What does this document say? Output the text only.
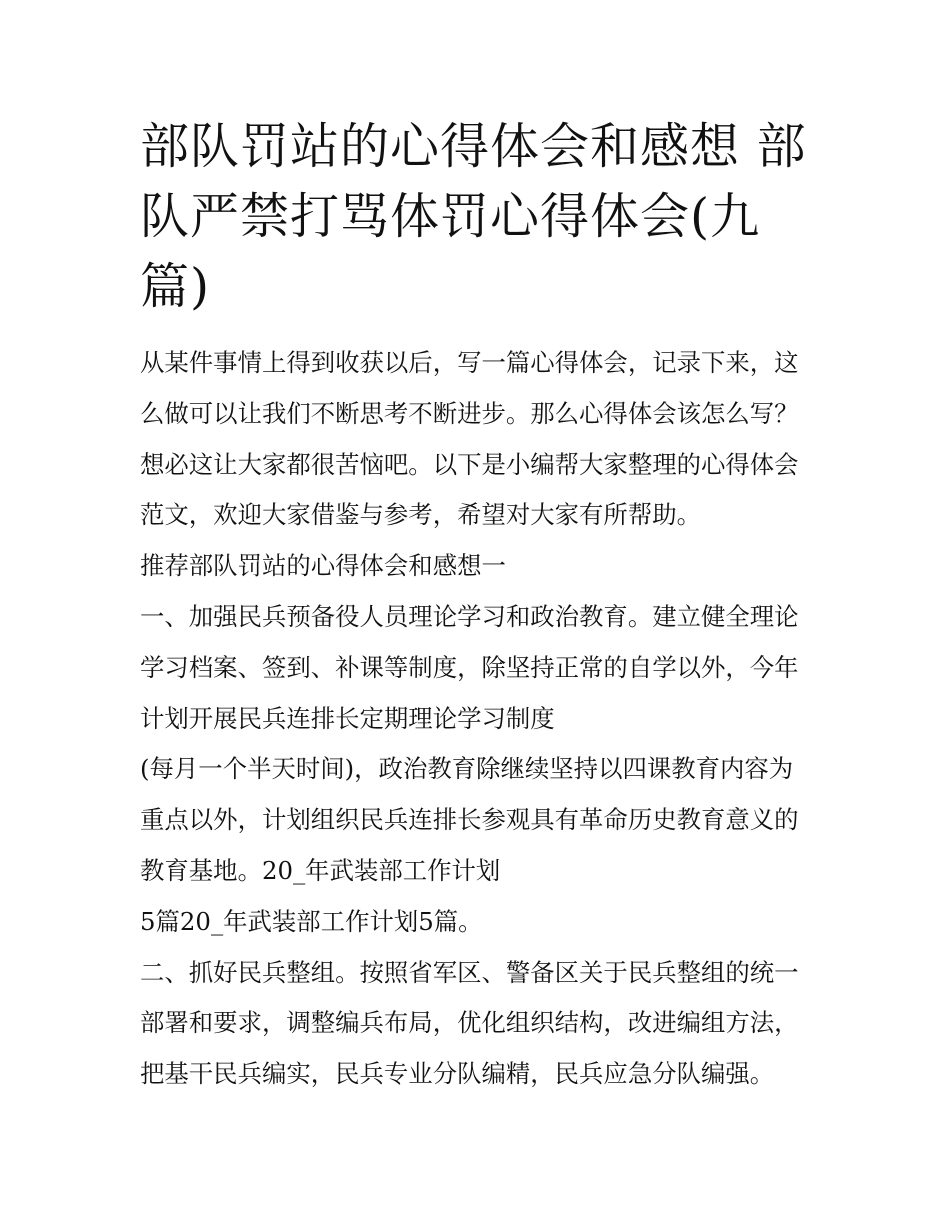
部队罚站的心得体会和感想 部
队严禁打骂体罚心得体会(九
篇)
从某件事情上得到收获以后，写一篇心得体会，记录下来，这
么做可以让我们不断思考不断进步。那么心得体会该怎么写？
想必这让大家都很苦恼吧。以下是小编帮大家整理的心得体会
范文，欢迎大家借鉴与参考，希望对大家有所帮助。
推荐部队罚站的心得体会和感想一
一、加强民兵预备役人员理论学习和政治教育。建立健全理论
学习档案、签到、补课等制度，除坚持正常的自学以外，今年
计划开展民兵连排长定期理论学习制度
(每月一个半天时间)，政治教育除继续坚持以四课教育内容为
重点以外，计划组织民兵连排长参观具有革命历史教育意义的
教育基地。20_年武装部工作计划
5篇20_年武装部工作计划5篇。
二、抓好民兵整组。按照省军区、警备区关于民兵整组的统一
部署和要求，调整编兵布局，优化组织结构，改进编组方法，
把基干民兵编实，民兵专业分队编精，民兵应急分队编强。
